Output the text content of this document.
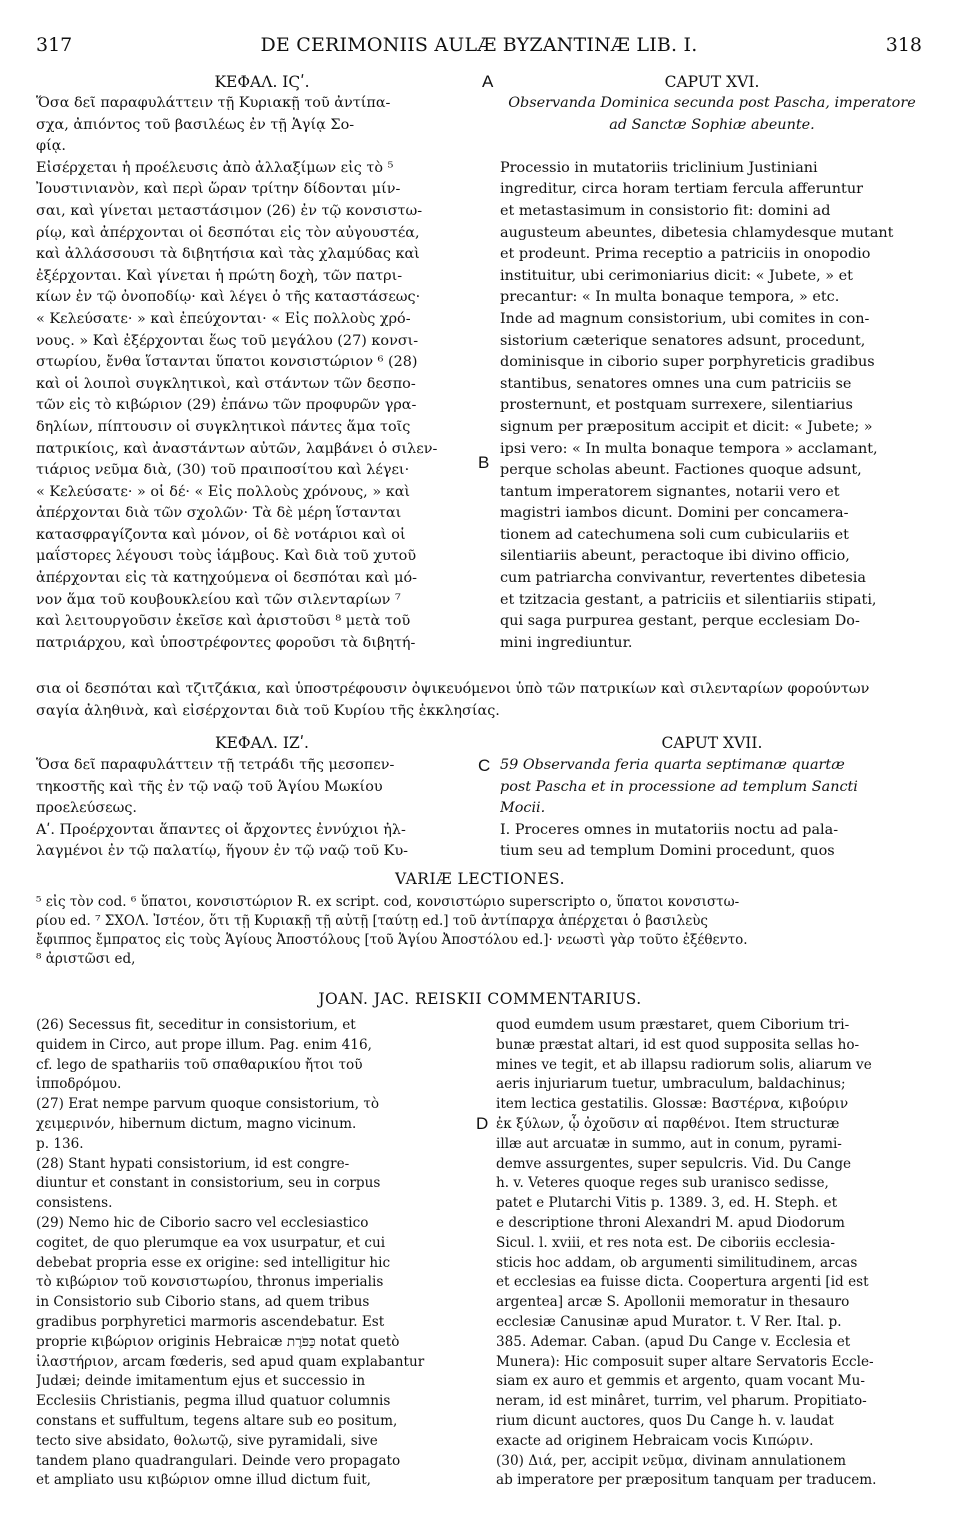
317	DE CERIMONIIS AULÆ BYZANTINÆ LIB. I.	318
A
B
C
D
ΚΕΦΑΛ. ΙϚʹ.	CAPUT XVI.
Ὅσα δεῖ παραφυλάττειν τῇ Κυριακῇ τοῦ ἀντίπα-
σχα, ἀπιόντος τοῦ βασιλέως ἐν τῇ Ἁγίᾳ Σο-
φίᾳ.
Εἰσέρχεται ἡ προέλευσις ἀπὸ ἀλλαξίμων εἰς τὸ ⁵
Ἰουστινιανὸν, καὶ περὶ ὥραν τρίτην δίδονται μίν-
σαι, καὶ γίνεται μεταστάσιμον (26) ἐν τῷ κονσιστω-
ρίῳ, καὶ ἀπέρχονται οἱ δεσπόται εἰς τὸν αὐγουστέα,
καὶ ἀλλάσσουσι τὰ διβητήσια καὶ τὰς χλαμύδας καὶ
ἐξέρχονται. Καὶ γίνεται ἡ πρώτη δοχὴ, τῶν πατρι-
κίων ἐν τῷ ὀνοποδίῳ· καὶ λέγει ὁ τῆς καταστάσεως·
« Κελεύσατε· » καὶ ἐπεύχονται· « Εἰς πολλοὺς χρό-
νους. » Καὶ ἐξέρχονται ἕως τοῦ μεγάλου (27) κονσι-
στωρίου, ἔνθα ἵστανται ὕπατοι κονσιστώριον ⁶ (28)
καὶ οἱ λοιποὶ συγκλητικοὶ, καὶ στάντων τῶν δεσπο-
τῶν εἰς τὸ κιβώριον (29) ἐπάνω τῶν προφυρῶν γρα-
δηλίων, πίπτουσιν οἱ συγκλητικοὶ πάντες ἅμα τοῖς
πατρικίοις, καὶ ἀναστάντων αὐτῶν, λαμβάνει ὁ σιλεν-
τιάριος νεῦμα διὰ, (30) τοῦ πραιποσίτου καὶ λέγει·
« Κελεύσατε· » οἱ δέ· « Εἰς πολλοὺς χρόνους, » καὶ
ἀπέρχονται διὰ τῶν σχολῶν· Τὰ δὲ μέρη ἵστανται
κατασφραγίζοντα καὶ μόνον, οἱ δὲ νοτάριοι καὶ οἱ
μαΐστορες λέγουσι τοὺς ἰάμβους. Καὶ διὰ τοῦ χυτοῦ
ἀπέρχονται εἰς τὰ κατηχούμενα οἱ δεσπόται καὶ μό-
νον ἅμα τοῦ κουβουκλείου καὶ τῶν σιλενταρίων ⁷
καὶ λειτουργοῦσιν ἐκεῖσε καὶ ἀριστοῦσι ⁸ μετὰ τοῦ
πατριάρχου, καὶ ὑποστρέφοντες φοροῦσι τὰ διβητή-
Observanda Dominica secunda post Pascha, imperatore
ad Sanctæ Sophiæ abeunte.
Processio in mutatoriis triclinium Justiniani
ingreditur, circa horam tertiam fercula afferuntur
et metastasimum in consistorio fit: domini ad
augusteum abeuntes, dibetesia chlamydesque mutant
et prodeunt. Prima receptio a patriciis in onopodio
instituitur, ubi cerimoniarius dicit: « Jubete, » et
precantur: « In multa bonaque tempora, » etc.
Inde ad magnum consistorium, ubi comites in con-
sistorium cæterique senatores adsunt, procedunt,
dominisque in ciborio super porphyreticis gradibus
stantibus, senatores omnes una cum patriciis se
prosternunt, et postquam surrexere, silentiarius
signum per præpositum accipit et dicit: « Jubete; »
ipsi vero: « In multa bonaque tempora » acclamant,
perque scholas abeunt. Factiones quoque adsunt,
tantum imperatorem signantes, notarii vero et
magistri iambos dicunt. Domini per concamera-
tionem ad catechumena soli cum cubiculariis et
silentiariis abeunt, peractoque ibi divino officio,
cum patriarcha convivantur, revertentes dibetesia
et tzitzacia gestant, a patriciis et silentiariis stipati,
qui saga purpurea gestant, perque ecclesiam Do-
mini ingrediuntur.
σια οἱ δεσπόται καὶ τζιτζάκια, καὶ ὑποστρέφουσιν ὀψικευόμενοι ὑπὸ τῶν πατρικίων καὶ σιλενταρίων φορούντων
σαγία ἀληθινὰ, καὶ εἰσέρχονται διὰ τοῦ Κυρίου τῆς ἐκκλησίας.
ΚΕΦΑΛ. ΙΖʹ.	CAPUT XVII.
Ὅσα δεῖ παραφυλάττειν τῇ τετράδι τῆς μεσοπεν-
τηκοστῆς καὶ τῆς ἐν τῷ ναῷ τοῦ Ἁγίου Μωκίου
προελεύσεως.
Αʹ. Προέρχονται ἅπαντες οἱ ἄρχοντες ἐννύχιοι ἠλ-
λαγμένοι ἐν τῷ παλατίῳ, ἥγουν ἐν τῷ ναῷ τοῦ Κυ-
59 Observanda feria quarta septimanæ quartæ
post Pascha et in processione ad templum Sancti
Mocii.
I. Proceres omnes in mutatoriis noctu ad pala-
tium seu ad templum Domini procedunt, quos
VARIÆ LECTIONES.
⁵ εἰς τὸν cod. ⁶ ὕπατοι, κονσιστώριον R. ex script. cod, κονσιστώριο superscripto ο, ὕπατοι κονσιστω-
ρίου ed. ⁷ ΣΧΟΛ. Ἰστέον, ὅτι τῇ Κυριακῇ τῇ αὐτῇ [ταύτῃ ed.] τοῦ ἀντίπαρχα ἀπέρχεται ὁ βασιλεὺς
ἔφιππος ἔμπρατος εἰς τοὺς Ἁγίους Ἀποστόλους [τοῦ Ἁγίου Ἀποστόλου ed.]· νεωστὶ γὰρ τοῦτο ἐξέθεντο.
⁸ ἀριστῶσι ed,
JOAN. JAC. REISKII COMMENTARIUS.
(26) Secessus fit, seceditur in consistorium, et
quidem in Circo, aut prope illum. Pag. enim 416,
cf. lego de spathariis τοῦ σπαθαρικίου ἤτοι τοῦ
ἱπποδρόμου.
(27) Erat nempe parvum quoque consistorium, τὸ
χειμερινόν, hibernum dictum, magno vicinum.
p. 136.
(28) Stant hypati consistorium, id est congre-
diuntur et constant in consistorium, seu in corpus
consistens.
(29) Nemo hic de Ciborio sacro vel ecclesiastico
cogitet, de quo plerumque ea vox usurpatur, et cui
debebat propria esse ex origine: sed intelligitur hic
τὸ κιβώριον τοῦ κονσιστωρίου, thronus imperialis
in Consistorio sub Ciborio stans, ad quem tribus
gradibus porphyretici marmoris ascendebatur. Est
proprie κιβώριον originis Hebraicæ כַּפֹּרֶת notat quetò
ἱλαστήριον, arcam fœderis, sed apud quam explabantur
Judæi; deinde imitamentum ejus et successio in
Ecclesiis Christianis, pegma illud quatuor columnis
constans et suffultum, tegens altare sub eo positum,
tecto sive absidato, θολωτῷ, sive pyramidali, sive
tandem plano quadrangulari. Deinde vero propagato
et ampliato usu κιβώριον omne illud dictum fuit,
quod eumdem usum præstaret, quem Ciborium tri-
bunæ præstat altari, id est quod supposita sellas ho-
mines ve tegit, et ab illapsu radiorum solis, aliarum ve
aeris injuriarum tuetur, umbraculum, baldachinus;
item lectica gestatilis. Glossæ: Βαστέρνα, κιβούριν
ἐκ ξύλων, ᾧ ὀχοῦσιν αἱ παρθένοι. Item structuræ
illæ aut arcuatæ in summo, aut in conum, pyrami-
demve assurgentes, super sepulcris. Vid. Du Cange
h. v. Veteres quoque reges sub uranisco sedisse,
patet e Plutarchi Vitis p. 1389. 3, ed. H. Steph. et
e descriptione throni Alexandri M. apud Diodorum
Sicul. l. xviii, et res nota est. De ciboriis ecclesia-
sticis hoc addam, ob argumenti similitudinem, arcas
et ecclesias ea fuisse dicta. Coopertura argenti [id est
argentea] arcæ S. Apollonii memoratur in thesauro
ecclesiæ Canusinæ apud Murator. t. V Rer. Ital. p.
385. Ademar. Caban. (apud Du Cange v. Ecclesia et
Munera): Hic composuit super altare Servatoris Eccle-
siam ex auro et gemmis et argento, quam vocant Mu-
neram, id est minâret, turrim, vel pharum. Propitiato-
rium dicunt auctores, quos Du Cange h. v. laudat
exacte ad originem Hebraicam vocis Κιπώριν.
(30) Διά, per, accipit νεῦμα, divinam annulationem
ab imperatore per præpositum tanquam per traducem.
